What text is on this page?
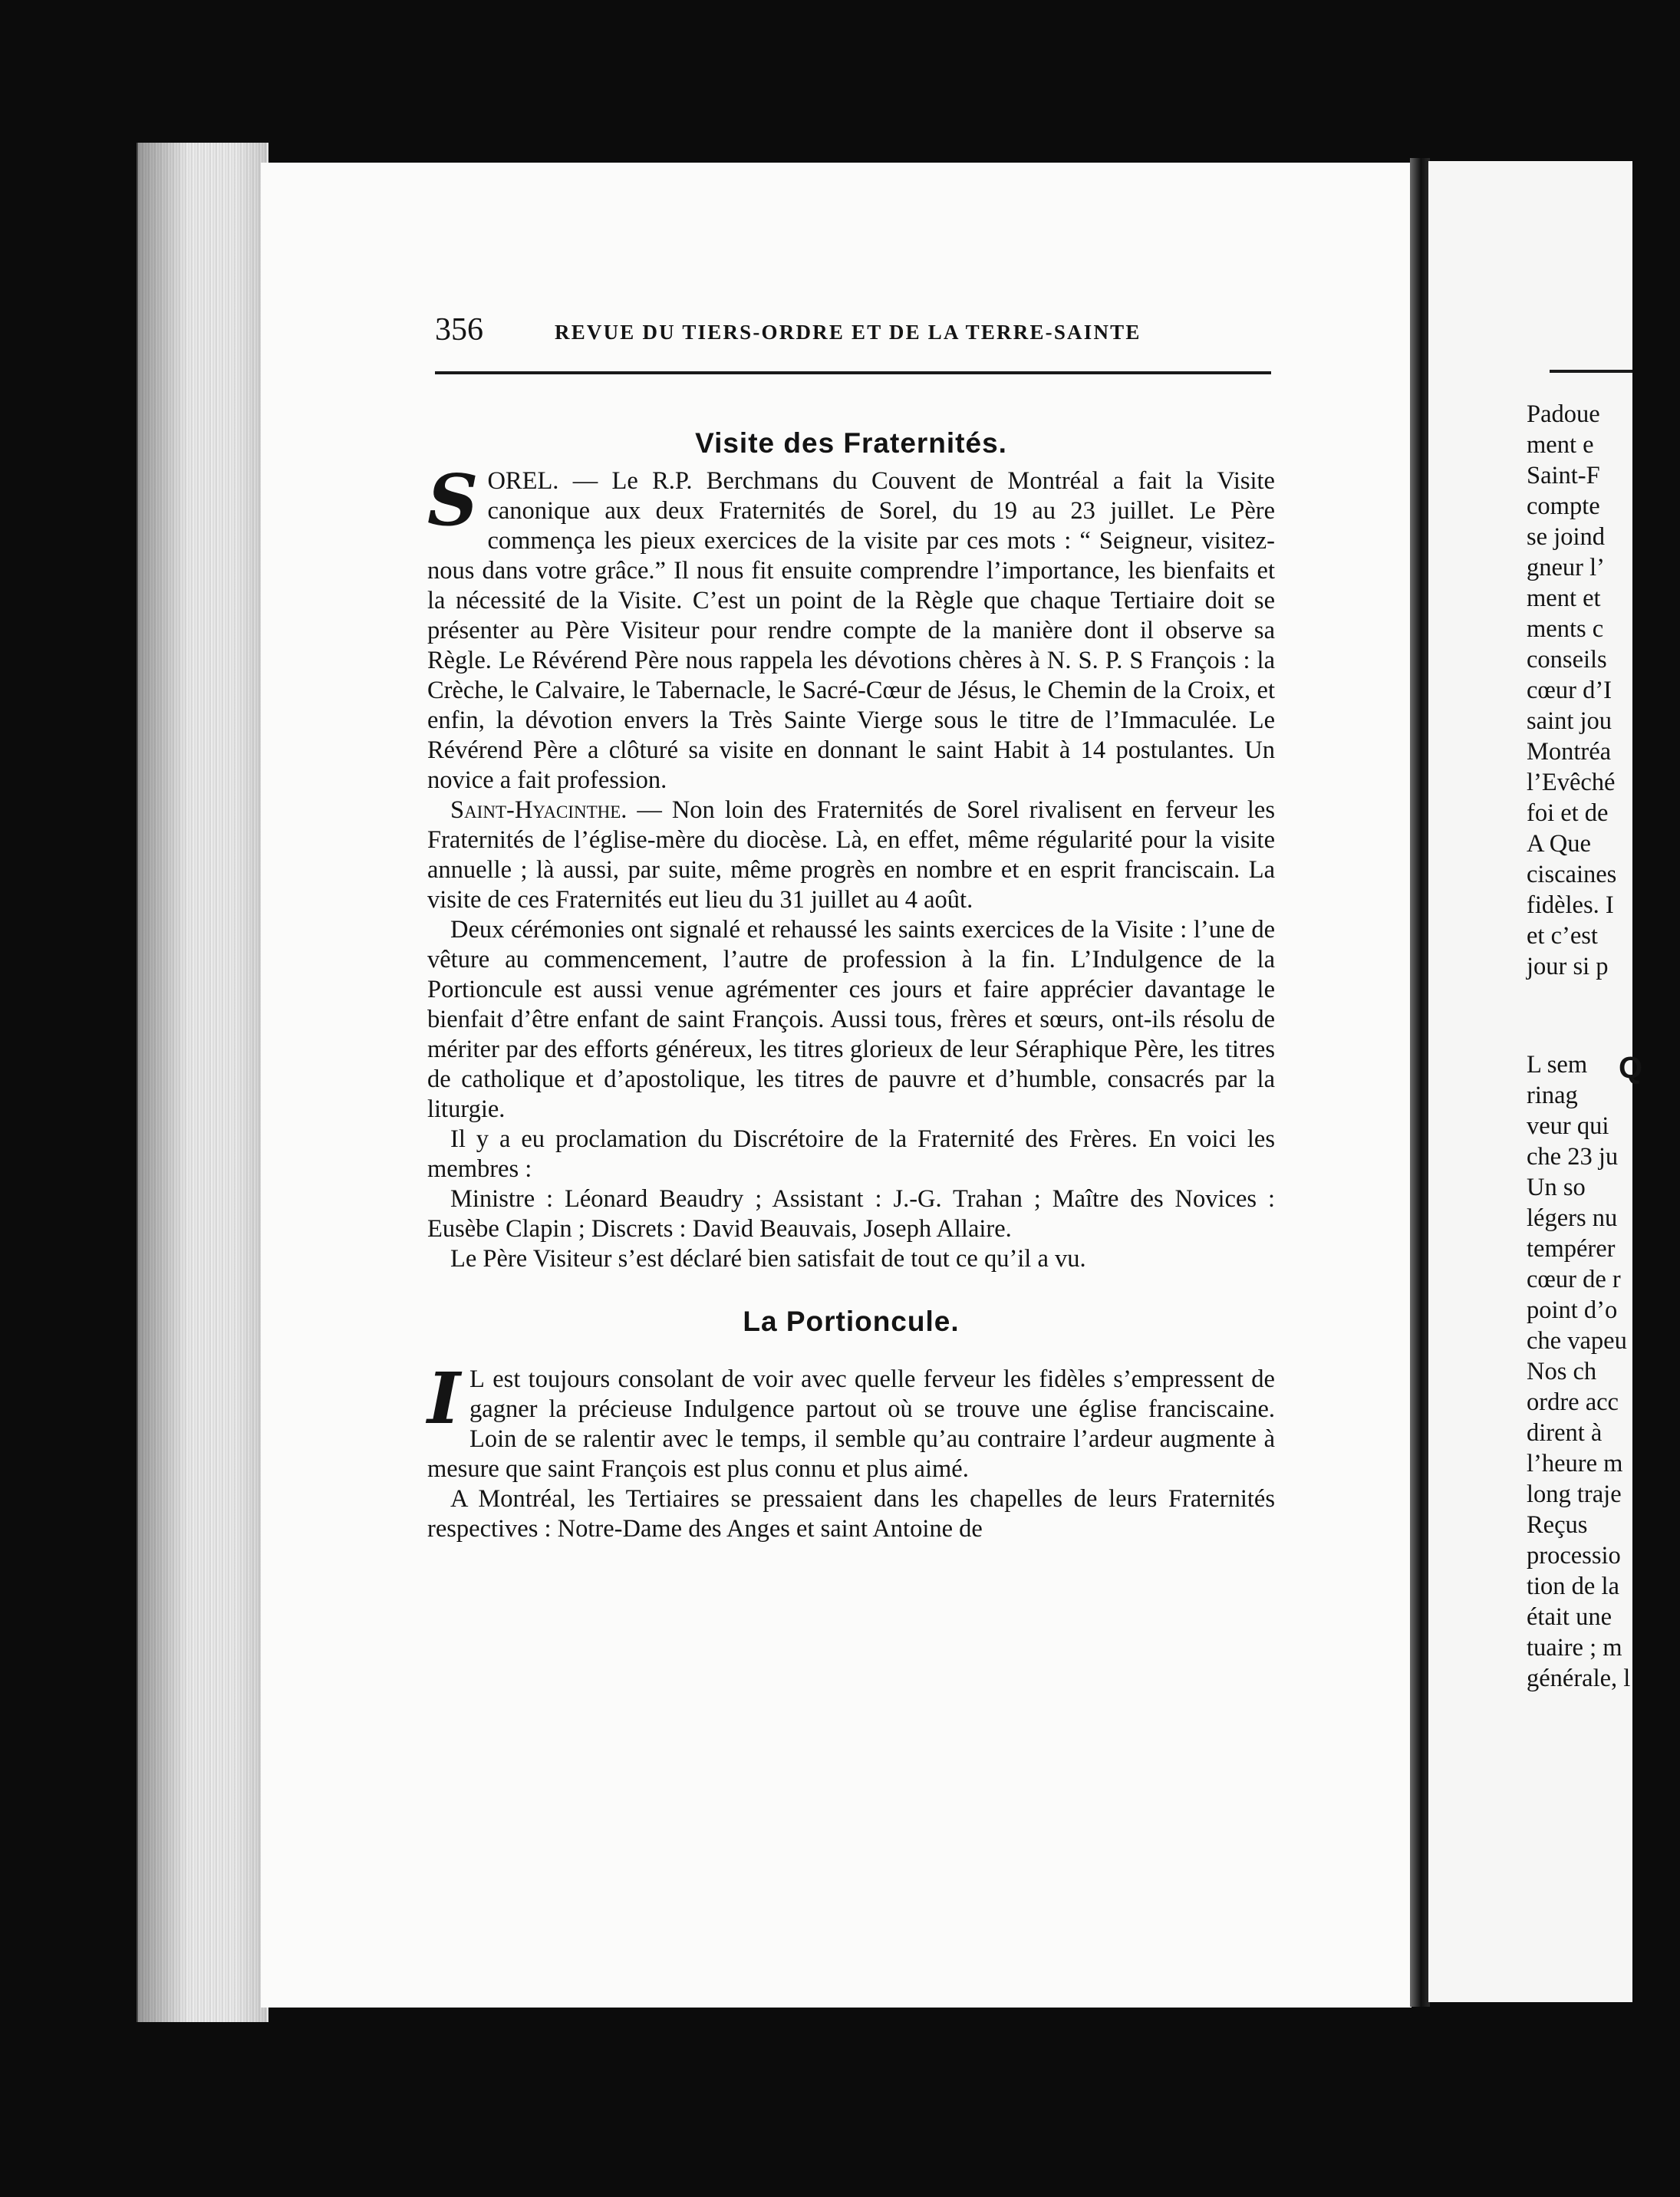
356	REVUE DU TIERS-ORDRE ET DE LA TERRE-SAINTE
Visite des Fraternités.

SOREL. — Le R.P. Berchmans du Couvent de Montréal a fait la Visite canonique aux deux Fraternités de Sorel, du 19 au 23 juillet. Le Père commença les pieux exercices de la visite par ces mots : “ Seigneur, visitez-nous dans votre grâce.” Il nous fit ensuite comprendre l’importance, les bienfaits et la nécessité de la Visite. C’est un point de la Règle que chaque Tertiaire doit se présenter au Père Visiteur pour rendre compte de la manière dont il observe sa Règle. Le Révérend Père nous rappela les dévotions chères à N. S. P. S François : la Crèche, le Calvaire, le Tabernacle, le Sacré-Cœur de Jésus, le Chemin de la Croix, et enfin, la dévotion envers la Très Sainte Vierge sous le titre de l’Immaculée. Le Révérend Père a clôturé sa visite en donnant le saint Habit à 14 postulantes. Un novice a fait profession.

Saint-Hyacinthe. — Non loin des Fraternités de Sorel rivalisent en ferveur les Fraternités de l’église-mère du diocèse. Là, en effet, même régularité pour la visite annuelle ; là aussi, par suite, même progrès en nombre et en esprit franciscain. La visite de ces Fraternités eut lieu du 31 juillet au 4 août.

Deux cérémonies ont signalé et rehaussé les saints exercices de la Visite : l’une de vêture au commencement, l’autre de profession à la fin. L’Indulgence de la Portioncule est aussi venue agrémenter ces jours et faire apprécier davantage le bienfait d’être enfant de saint François. Aussi tous, frères et sœurs, ont-ils résolu de mériter par des efforts généreux, les titres glorieux de leur Séraphique Père, les titres de catholique et d’apostolique, les titres de pauvre et d’humble, consacrés par la liturgie.

Il y a eu proclamation du Discrétoire de la Fraternité des Frères. En voici les membres :

Ministre : Léonard Beaudry ; Assistant : J.-G. Trahan ; Maître des Novices : Eusèbe Clapin ; Discrets : David Beauvais, Joseph Allaire.

Le Père Visiteur s’est déclaré bien satisfait de tout ce qu’il a vu.

La Portioncule.

I L est toujours consolant de voir avec quelle ferveur les fidèles s’empressent de gagner la précieuse Indulgence partout où se trouve une église franciscaine. Loin de se ralentir avec le temps, il semble qu’au contraire l’ardeur augmente à mesure que saint François est plus connu et plus aimé.

A Montréal, les Tertiaires se pressaient dans les chapelles de leurs Fraternités respectives : Notre-Dame des Anges et saint Antoine de

Padoue
ment e
Saint-F
compte
se joind
gneur l’
ment et
ments c
conseils
cœur d’I
saint jou
Montréa
l’Evêché
foi et de
A Que
ciscaines
fidèles. I
et c’est
jour si p
L sem
rinag
veur qui
che 23 ju
Un so
légers nu
tempérer
cœur de r
point d’o
che vapeu
Nos ch
ordre acc
dirent à
l’heure m
long traje
Reçus
processio
tion de la
était une
tuaire ; m
générale, l
Q
